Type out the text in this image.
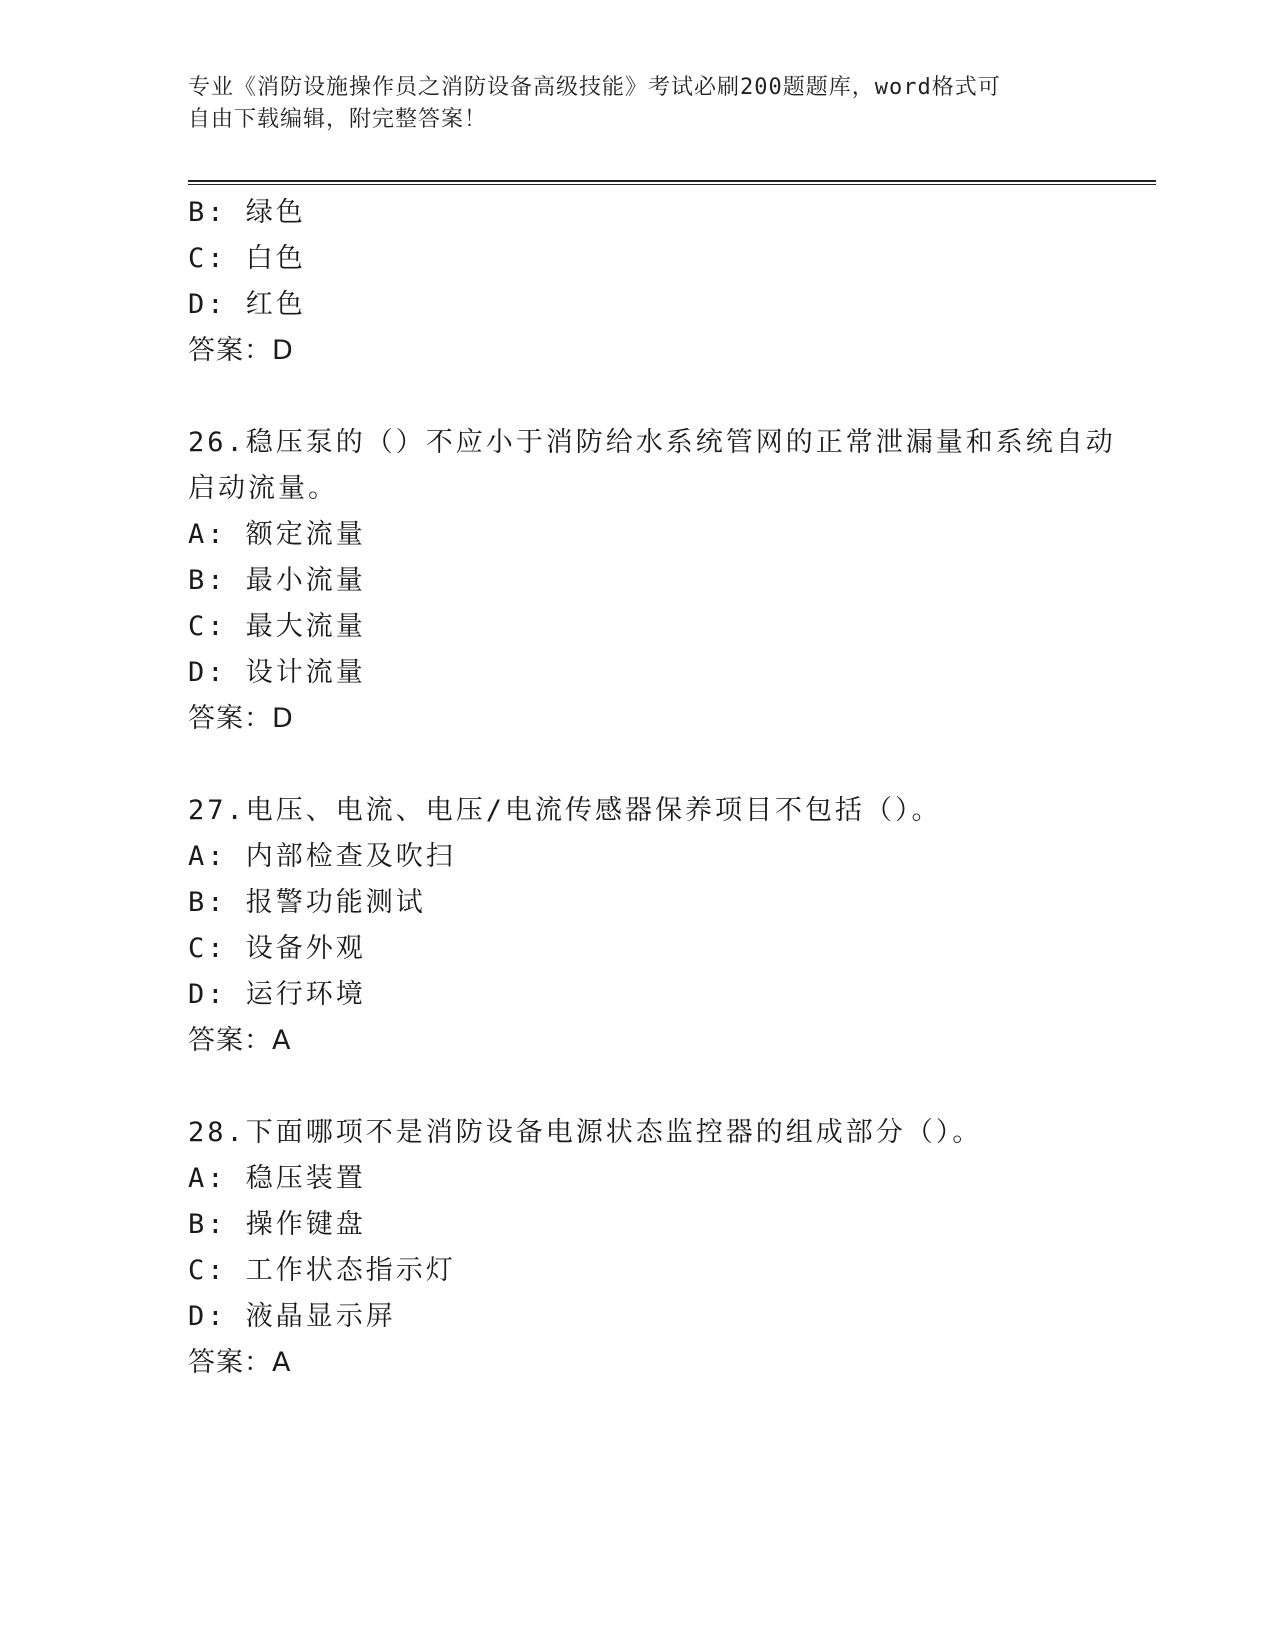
专业《消防设施操作员之消防设备高级技能》考试必刷200题题库，word格式可

自由下载编辑，附完整答案！

B: 绿色
C: 白色
D: 红色
答案：D
26.稳压泵的（）不应小于消防给水系统管网的正常泄漏量和系统自动
启动流量。
A: 额定流量
B: 最小流量
C: 最大流量
D: 设计流量
答案：D
27.电压、电流、电压/电流传感器保养项目不包括（）。
A: 内部检查及吹扫
B: 报警功能测试
C: 设备外观
D: 运行环境
答案：A
28.下面哪项不是消防设备电源状态监控器的组成部分（）。
A: 稳压装置
B: 操作键盘
C: 工作状态指示灯
D: 液晶显示屏
答案：A
